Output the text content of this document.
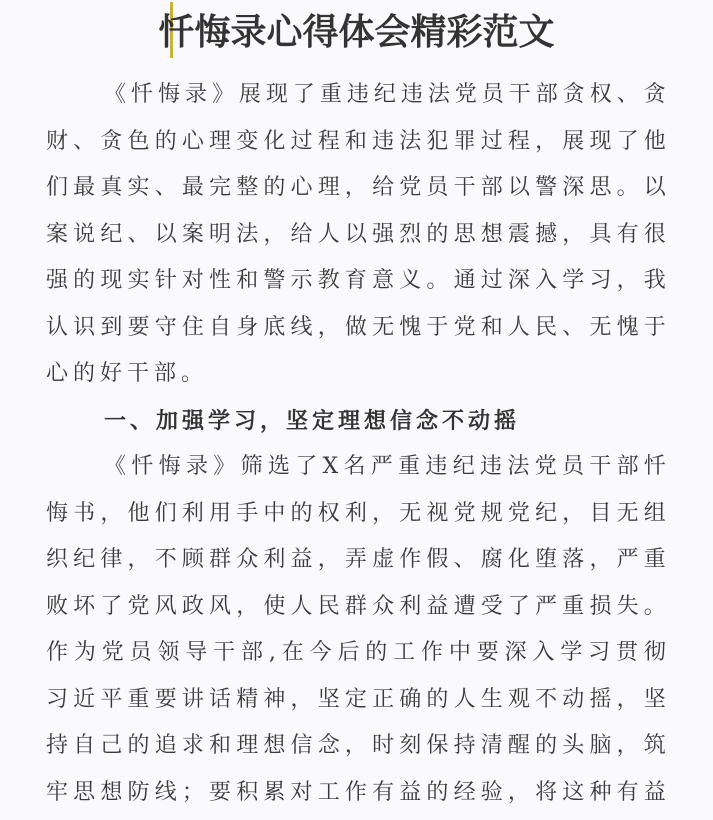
忏悔录心得体会精彩范文
《 忏 悔 录 》 展 现 了 重 违 纪 违 法 党 员 干 部 贪 权 、 贪
财 、 贪 色 的 心 理 变 化 过 程 和 违 法 犯 罪 过 程 ， 展 现 了 他
们 最 真 实 、 最 完 整 的 心 理 ， 给 党 员 干 部 以 警 深 思 。 以
案 说 纪 、 以 案 明 法 ， 给 人 以 强 烈 的 思 想 震 撼 ， 具 有 很
强 的 现 实 针 对 性 和 警 示 教 育 意 义 。 通 过 深 入 学 习 ， 我
认 识 到 要 守 住 自 身 底 线 ， 做 无 愧 于 党 和 人 民 、 无 愧 于
心的好干部。
一、加强学习，坚定理想信念不动摇
《 忏 悔 录 》 筛 选 了 X 名 严 重 违 纪 违 法 党 员 干 部 忏
悔 书 ， 他 们 利 用 手 中 的 权 利 ， 无 视 党 规 党 纪 ， 目 无 组
织 纪 律 ， 不 顾 群 众 利 益 ， 弄 虚 作 假 、 腐 化 堕 落 ， 严 重
败 坏 了 党 风 政 风 ， 使 人 民 群 众 利 益 遭 受 了 严 重 损 失 。
作 为 党 员 领 导 干 部 , 在 今 后 的 工 作 中 要 深 入 学 习 贯 彻
习 近 平 重 要 讲 话 精 神 ， 坚 定 正 确 的 人 生 观 不 动 摇 ， 坚
持 自 己 的 追 求 和 理 想 信 念 ， 时 刻 保 持 清 醒 的 头 脑 ， 筑
牢 思 想 防 线 ； 要 积 累 对 工 作 有 益 的 经 验 ， 将 这 种 有 益
